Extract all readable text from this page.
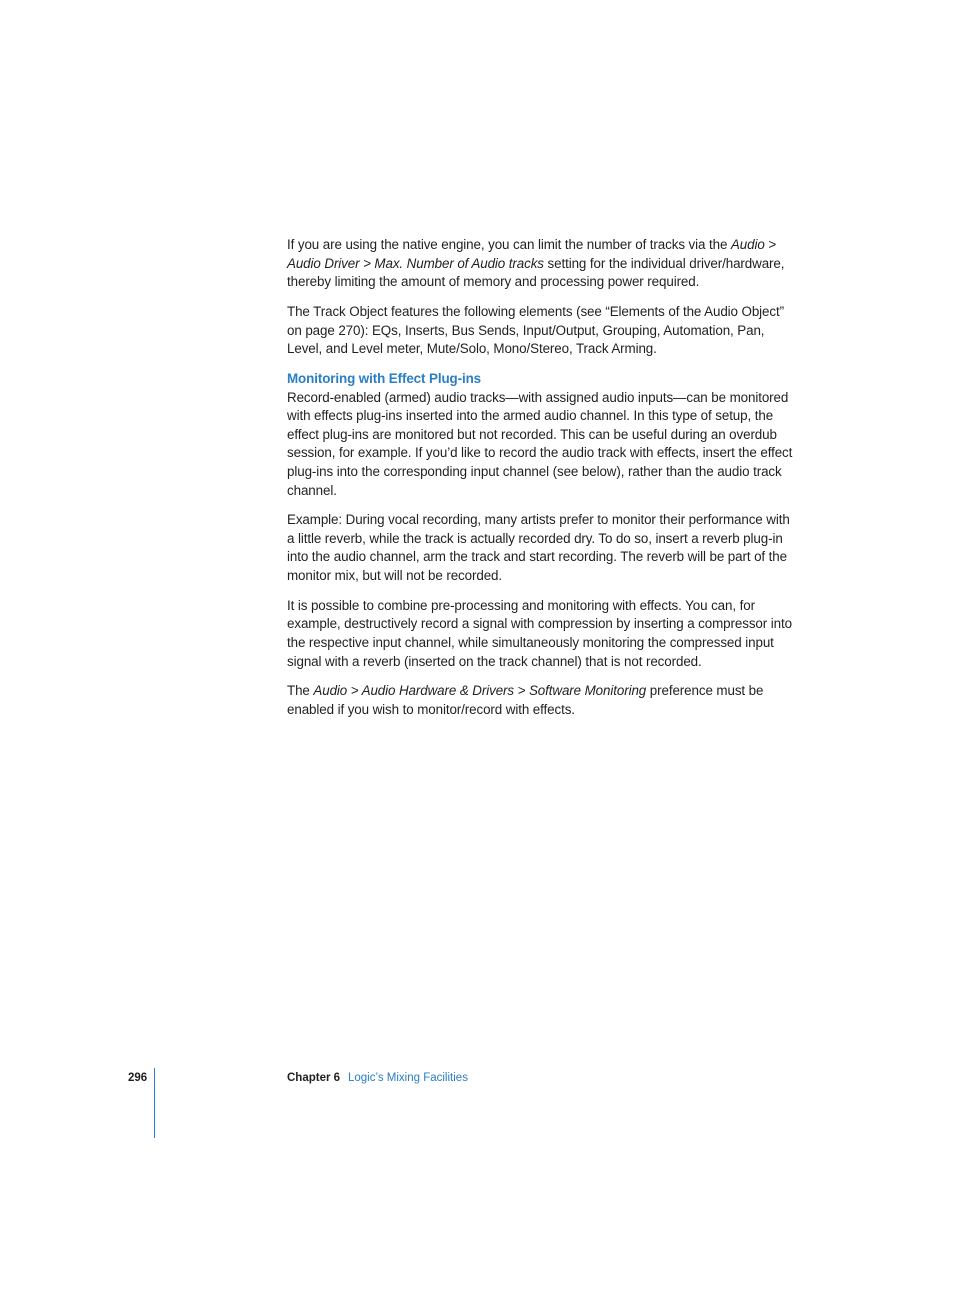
If you are using the native engine, you can limit the number of tracks via the Audio > Audio Driver > Max. Number of Audio tracks setting for the individual driver/hardware, thereby limiting the amount of memory and processing power required.

The Track Object features the following elements (see “Elements of the Audio Object” on page 270): EQs, Inserts, Bus Sends, Input/Output, Grouping, Automation, Pan, Level, and Level meter, Mute/Solo, Mono/Stereo, Track Arming.

Monitoring with Effect Plug-ins

Record-enabled (armed) audio tracks—with assigned audio inputs—can be monitored with effects plug-ins inserted into the armed audio channel. In this type of setup, the effect plug-ins are monitored but not recorded. This can be useful during an overdub session, for example. If you’d like to record the audio track with effects, insert the effect plug-ins into the corresponding input channel (see below), rather than the audio track channel.

Example: During vocal recording, many artists prefer to monitor their performance with a little reverb, while the track is actually recorded dry. To do so, insert a reverb plug-in into the audio channel, arm the track and start recording. The reverb will be part of the monitor mix, but will not be recorded.

It is possible to combine pre-processing and monitoring with effects. You can, for example, destructively record a signal with compression by inserting a compressor into the respective input channel, while simultaneously monitoring the compressed input signal with a reverb (inserted on the track channel) that is not recorded.

The Audio > Audio Hardware & Drivers > Software Monitoring preference must be enabled if you wish to monitor/record with effects.

296	Chapter 6 Logic’s Mixing Facilities
